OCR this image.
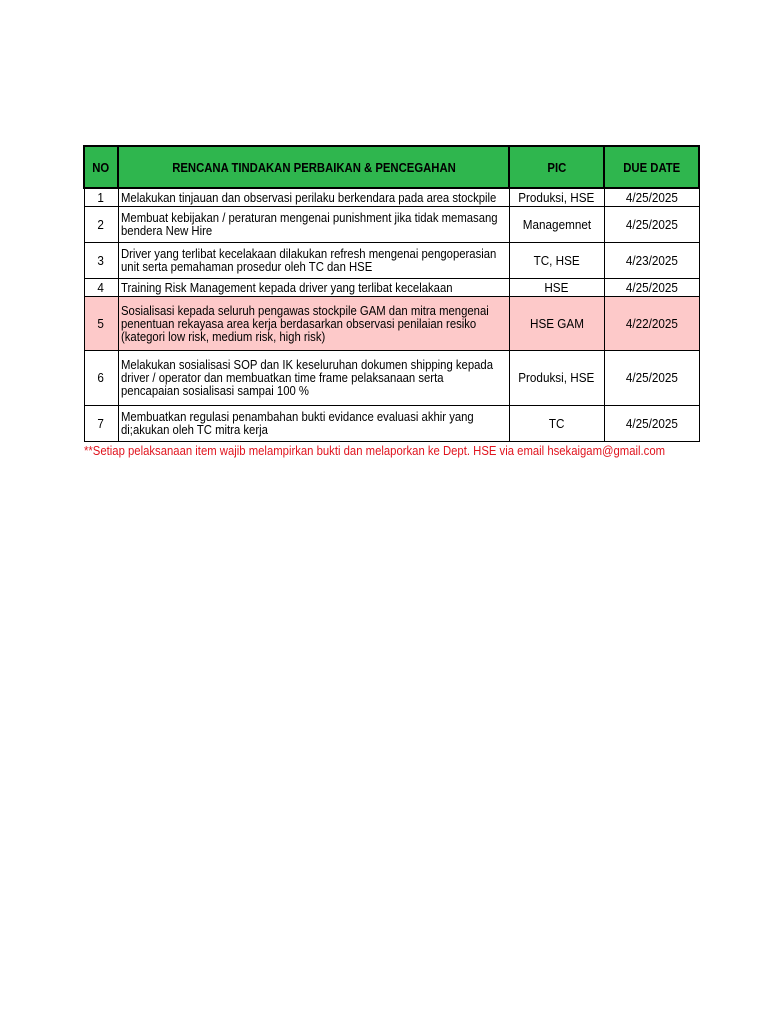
NO	RENCANA TINDAKAN PERBAIKAN & PENCEGAHAN	PIC	DUE DATE
1	Melakukan tinjauan dan observasi perilaku berkendara pada area stockpile	Produksi, HSE	4/25/2025
2	Membuat kebijakan / peraturan mengenai punishment jika tidak memasang bendera New Hire	Managemnet	4/25/2025
3	Driver yang terlibat kecelakaan dilakukan refresh mengenai pengoperasian unit serta pemahaman prosedur oleh TC dan HSE	TC, HSE	4/23/2025
4	Training Risk Management kepada driver yang terlibat kecelakaan	HSE	4/25/2025
5	Sosialisasi kepada seluruh pengawas stockpile GAM dan mitra mengenai penentuan rekayasa area kerja berdasarkan observasi penilaian resiko (kategori low risk, medium risk, high risk)	HSE GAM	4/22/2025
6	Melakukan sosialisasi SOP dan IK keseluruhan dokumen shipping kepada driver / operator dan membuatkan time frame pelaksanaan serta pencapaian sosialisasi sampai 100 %	Produksi, HSE	4/25/2025
7	Membuatkan regulasi penambahan bukti evidance evaluasi akhir yang di;akukan oleh TC mitra kerja	TC	4/25/2025
**Setiap pelaksanaan item wajib melampirkan bukti dan melaporkan ke Dept. HSE via email hsekaigam@gmail.com
